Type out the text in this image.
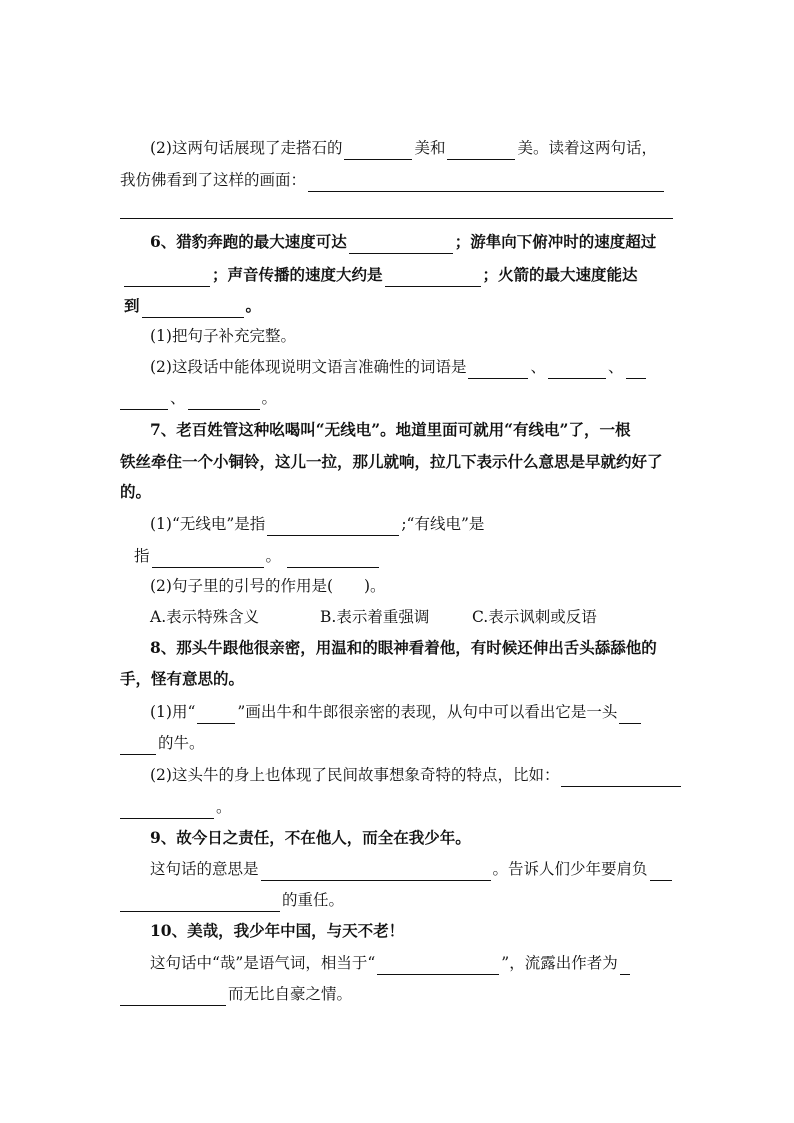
(2)这两句话展现了走搭石的	美和	美。读着这两句话，
我仿佛看到了这样的画面：
6、猎豹奔跑的最大速度可达	；游隼向下俯冲时的速度超过
；声音传播的速度大约是	；火箭的最大速度能达
到	。
(1)把句子补充完整。
(2)这段话中能体现说明文语言准确性的词语是	、	、
、	。
7、老百姓管这种吆喝叫“无线电”。地道里面可就用“有线电”了，一根
铁丝牵住一个小铜铃，这儿一拉，那儿就响，拉几下表示什么意思是早就约好了
的。
(1)“无线电”是指	;“有线电”是
指	。
(2)句子里的引号的作用是(　　)。
A.表示特殊含义	B.表示着重强调	C.表示讽刺或反语
8、那头牛跟他很亲密，用温和的眼神看着他，有时候还伸出舌头舔舔他的
手，怪有意思的。
(1)用“	”画出牛和牛郎很亲密的表现，从句中可以看出它是一头
的牛。
(2)这头牛的身上也体现了民间故事想象奇特的特点，比如：
。
9、故今日之责任，不在他人，而全在我少年。
这句话的意思是	。告诉人们少年要肩负
的重任。
10、美哉，我少年中国，与天不老！
这句话中“哉”是语气词，相当于“	”，流露出作者为
而无比自豪之情。
